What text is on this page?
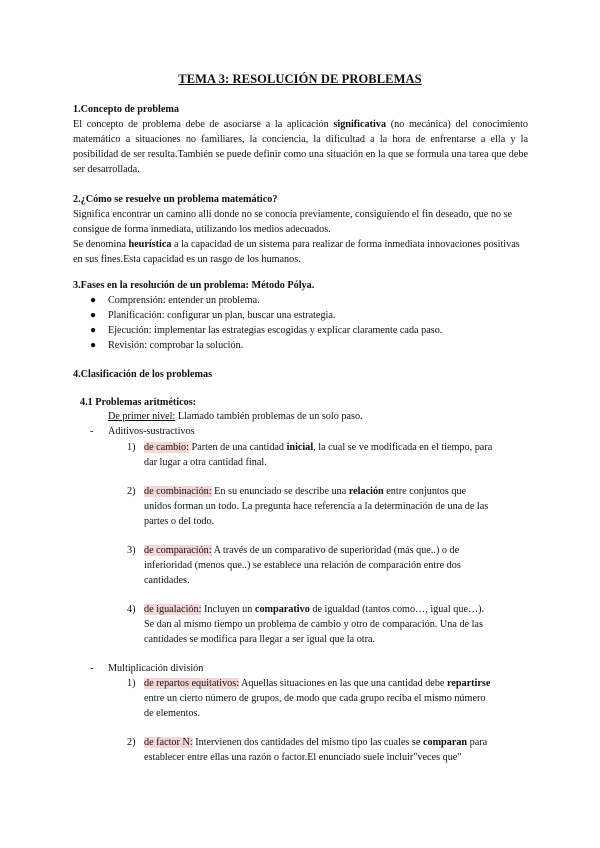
TEMA 3: RESOLUCIÓN DE PROBLEMAS
1.Concepto de problema
El concepto de problema debe de asociarse a la aplicación significativa (no mecánica) del conocimiento matemático a situaciones no familiares, la conciencia, la dificultad a la hora de enfrentarse a ella y la posibilidad de ser resulta.También se puede definir como una situación en la que se formula una tarea que debe ser desarrollada.
2.¿Cómo se resuelve un problema matemático?
Significa encontrar un camino allí donde no se conocía previamente, consiguiendo el fin deseado, que no se consigue de forma inmediata, utilizando los medios adecuados.
Se denomina heurística a la capacidad de un sistema para realizar de forma inmediata innovaciones positivas en sus fines.Esta capacidad es un rasgo de los humanos.
3.Fases en la resolución de un problema: Método Pólya.
● Comprensión: entender un problema.
● Planificación: configurar un plan, buscar una estrategia.
● Ejecución: implementar las estrategias escogidas y explicar claramente cada paso.
● Revisión: comprobar la solución.
4.Clasificación de los problemas
4.1 Problemas aritméticos:
De primer nivel: Llamado también problemas de un solo paso.
- Aditivos-sustractivos
1) de cambio: Parten de una cantidad inicial, la cual se ve modificada en el tiempo, para
dar lugar a otra cantidad final.
2) de combinación: En su enunciado se describe una relación entre conjuntos que
unidos forman un todo. La pregunta hace referencia a la determinación de una de las
partes o del todo.
3) de comparación: A través de un comparativo de superioridad (más que..) o de
inferioridad (menos que..) se establece una relación de comparación entre dos
cantidades.
4) de igualación: Incluyen un comparativo de igualdad (tantos como…, igual que…).
Se dan al mismo tiempo un problema de cambio y otro de comparación. Una de las
cantidades se modifica para llegar a ser igual que la otra.
- Multiplicación división
1) de repartos equitativos: Aquellas situaciones en las que una cantidad debe repartirse
entre un cierto número de grupos, de modo que cada grupo reciba el mismo número
de elementos.
2) de factor N: Intervienen dos cantidades del mismo tipo las cuales se comparan para
establecer entre ellas una razón o factor.El enunciado suele incluir"veces que"
